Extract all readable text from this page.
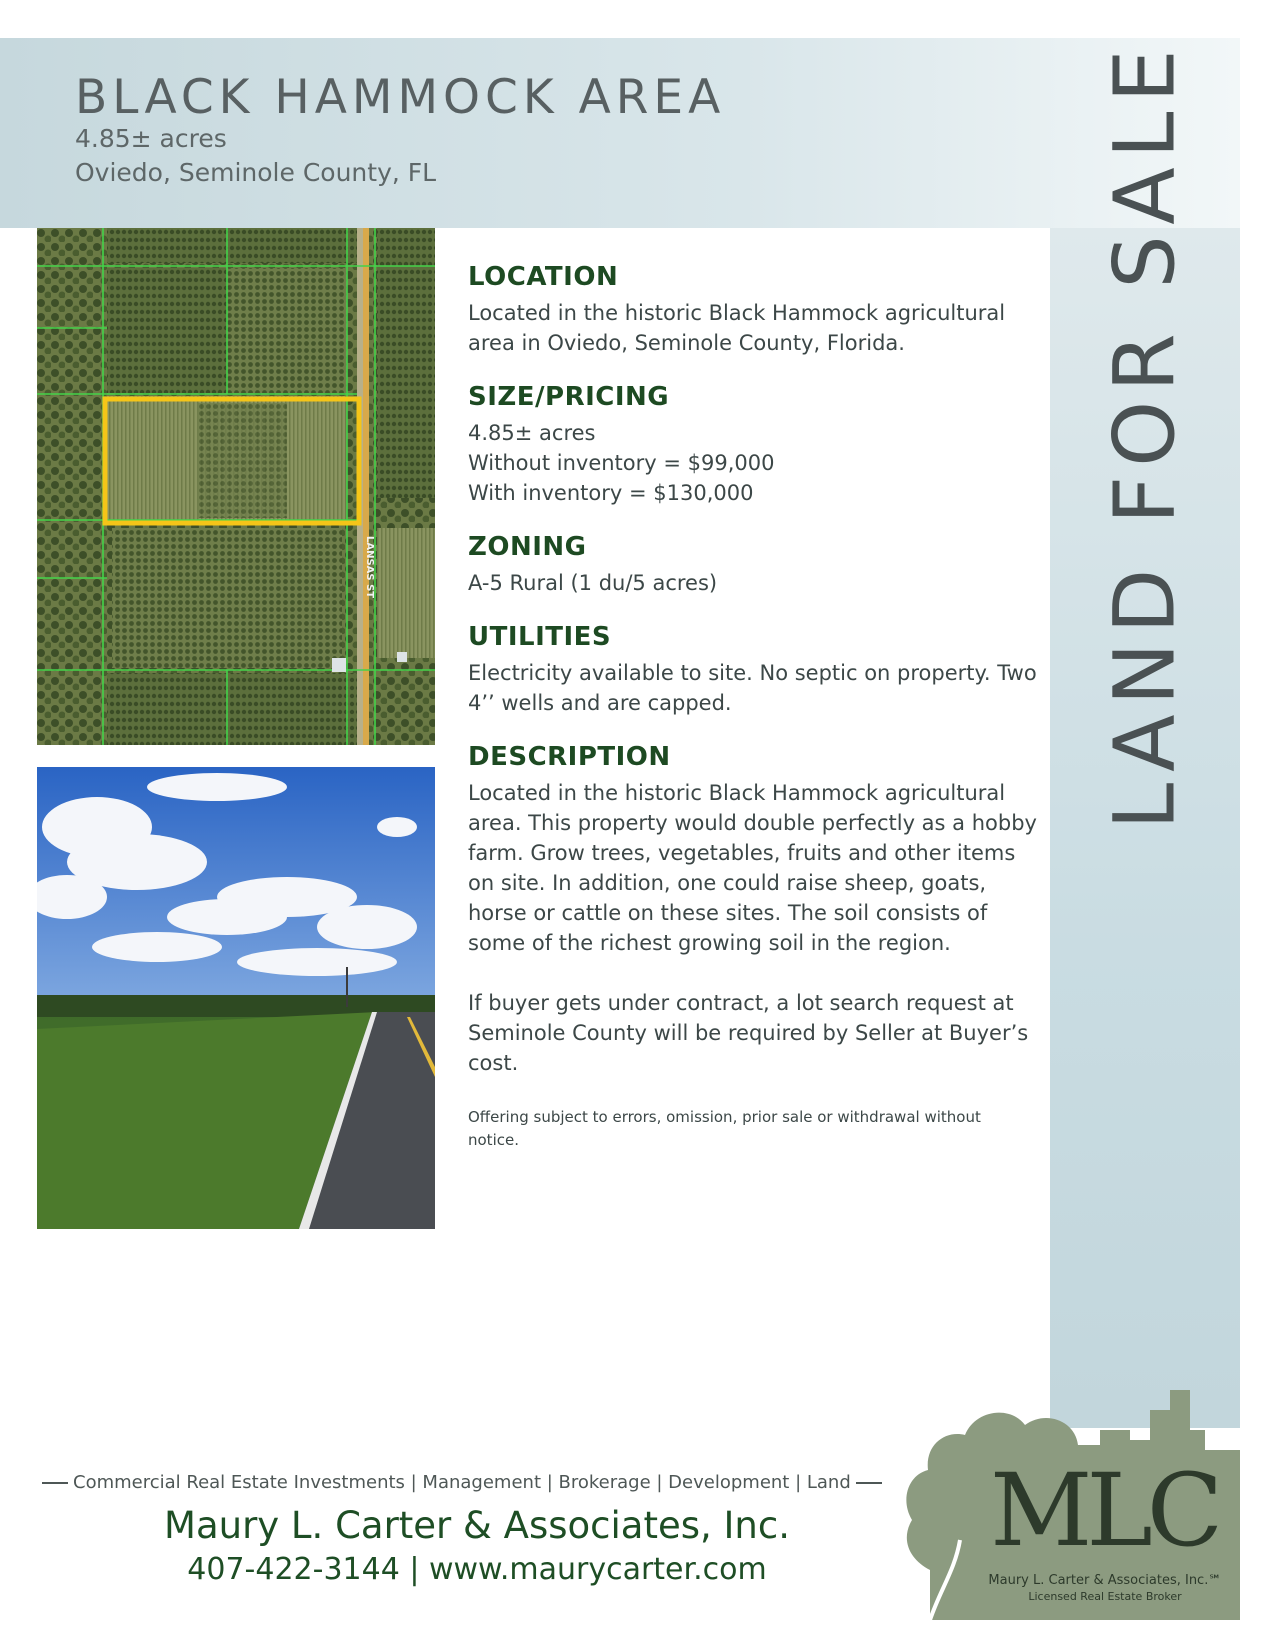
BLACK HAMMOCK AREA
4.85± acres
Oviedo, Seminole County, FL	LAND FOR SALE
LANSAS ST
LOCATION

Located in the historic Black Hammock agricultural
area in Oviedo, Seminole County, Florida.

SIZE/PRICING

4.85± acres

Without inventory = $99,000

With inventory = $130,000

ZONING

A-5 Rural (1 du/5 acres)

UTILITIES

Electricity available to site. No septic on property. Two
4’’ wells and are capped.

DESCRIPTION

Located in the historic Black Hammock agricultural
area. This property would double perfectly as a hobby
farm. Grow trees, vegetables, fruits and other items
on site. In addition, one could raise sheep, goats,
horse or cattle on these sites. The soil consists of
some of the richest growing soil in the region.

If buyer gets under contract, a lot search request at
Seminole County will be required by Seller at Buyer’s
cost.

Offering subject to errors, omission, prior sale or withdrawal without
notice.

Commercial Real Estate Investments | Management | Brokerage | Development | Land
Maury L. Carter & Associates, Inc.
407-422-3144 | www.maurycarter.com
MLC
Maury L. Carter & Associates, Inc.℠
Licensed Real Estate Broker
